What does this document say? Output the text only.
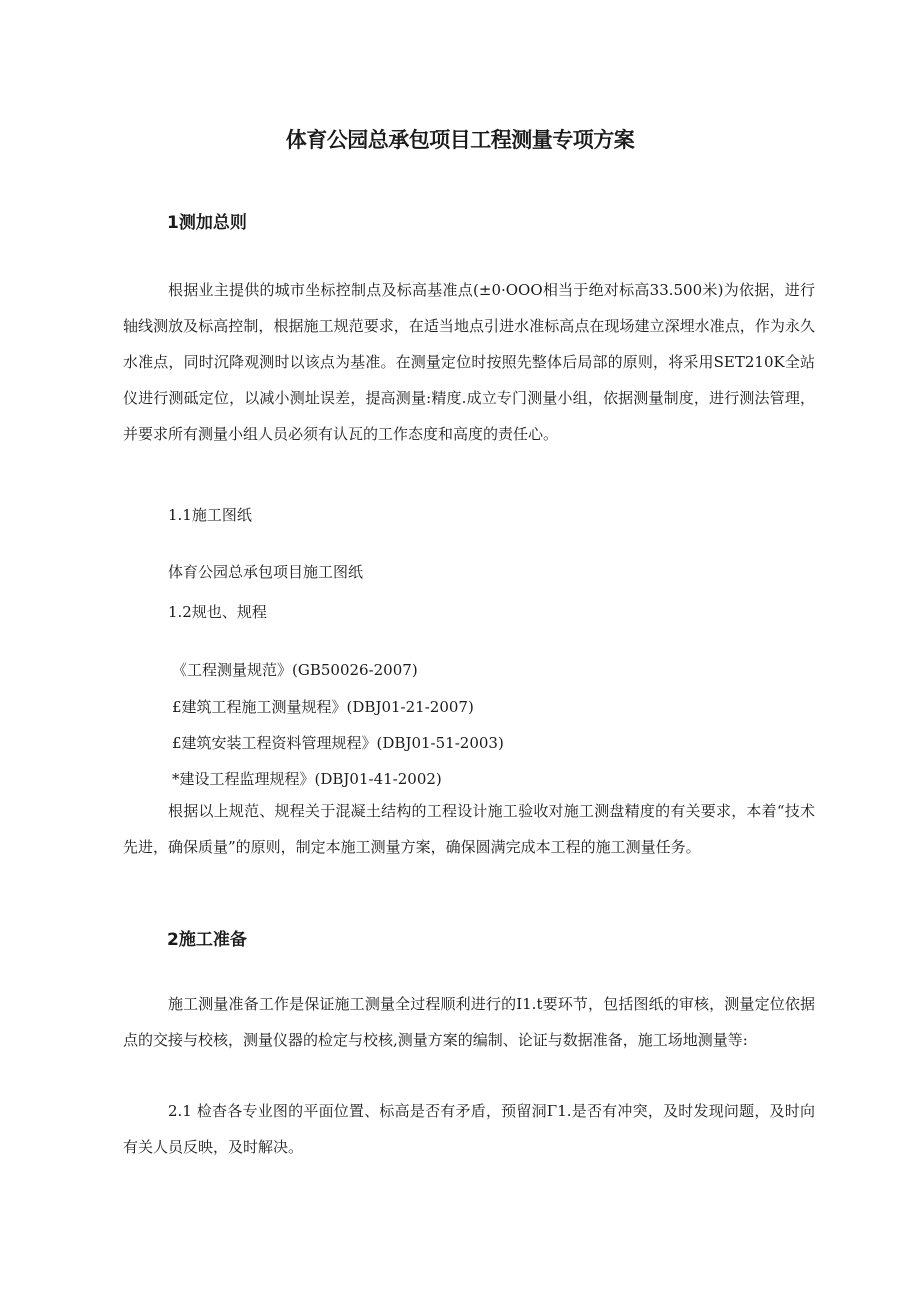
体育公园总承包项目工程测量专项方案
1测加总则
根据业主提供的城市坐标控制点及标高基准点(±0·OOO相当于绝对标高33.500米)为依据，进行轴线测放及标高控制，根据施工规范要求，在适当地点引进水准标高点在现场建立深埋水准点，作为永久水准点，同时沉降观测时以该点为基准。在测量定位时按照先整体后局部的原则，将采用SET210K全站仪进行测砥定位，以减小测址误差，提高测量:精度.成立专门测量小组，依据测量制度，进行测法管理，并要求所有测量小组人员必须有认瓦的工作态度和高度的责任心。
1.1施工图纸
体育公园总承包项目施工图纸
1.2规也、规程
《工程测量规范》(GB50026-2007)
£建筑工程施工测量规程》(DBJ01-21-2007)
£建筑安装工程资料管理规程》(DBJ01-51-2003)
*建设工程监理规程》(DBJ01-41-2002)
根据以上规范、规程关于混凝土结构的工程设计施工验收对施工测盘精度的有关要求，本着“技术先进，确保质量”的原则，制定本施工测量方案，确保圆满完成本工程的施工测量任务。
2施工准备
施工测量准备工作是保证施工测量全过程顺利进行的I1.t要环节，包括图纸的审核，测量定位依据点的交接与校核，测量仪器的检定与校核,测量方案的编制、论证与数据准备，施工场地测量等:
2.1 检杳各专业图的平面位置、标高是否有矛盾，预留洞Γ1.是否有冲突，及时发现问题，及时向有关人员反映，及时解决。
